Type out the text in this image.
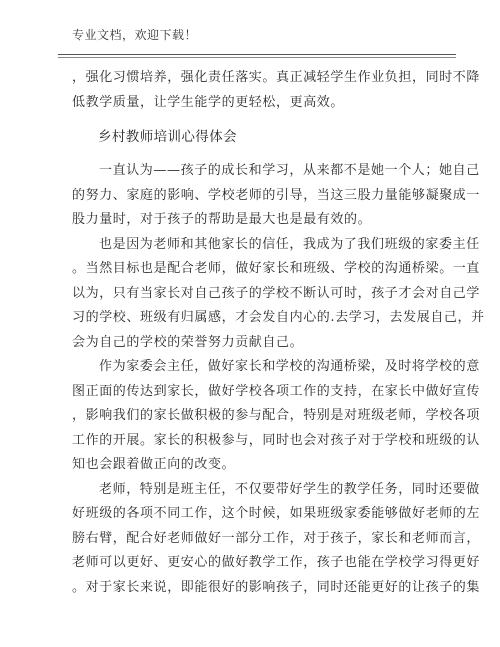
专业文档，欢迎下载！
，强化习惯培养，强化责任落实。真正减轻学生作业负担，同时不降
低教学质量，让学生能学的更轻松，更高效。
乡村教师培训心得体会
一直认为——孩子的成长和学习，从来都不是她一个人；她自己
的努力、家庭的影响、学校老师的引导，当这三股力量能够凝聚成一
股力量时，对于孩子的帮助是最大也是最有效的。
也是因为老师和其他家长的信任，我成为了我们班级的家委主任
。当然目标也是配合老师，做好家长和班级、学校的沟通桥梁。一直
以为，只有当家长对自己孩子的学校不断认可时，孩子才会对自己学
习的学校、班级有归属感，才会发自内心的.去学习，去发展自己，并
会为自己的学校的荣誉努力贡献自己。
作为家委会主任，做好家长和学校的沟通桥梁，及时将学校的意
图正面的传达到家长，做好学校各项工作的支持，在家长中做好宣传
，影响我们的家长做积极的参与配合，特别是对班级老师，学校各项
工作的开展。家长的积极参与，同时也会对孩子对于学校和班级的认
知也会跟着做正向的改变。
老师，特别是班主任，不仅要带好学生的教学任务，同时还要做
好班级的各项不同工作，这个时候，如果班级家委能够做好老师的左
膀右臂，配合好老师做好一部分工作，对于孩子，家长和老师而言，
老师可以更好、更安心的做好教学工作，孩子也能在学校学习得更好
。对于家长来说，即能很好的影响孩子，同时还能更好的让孩子的集
